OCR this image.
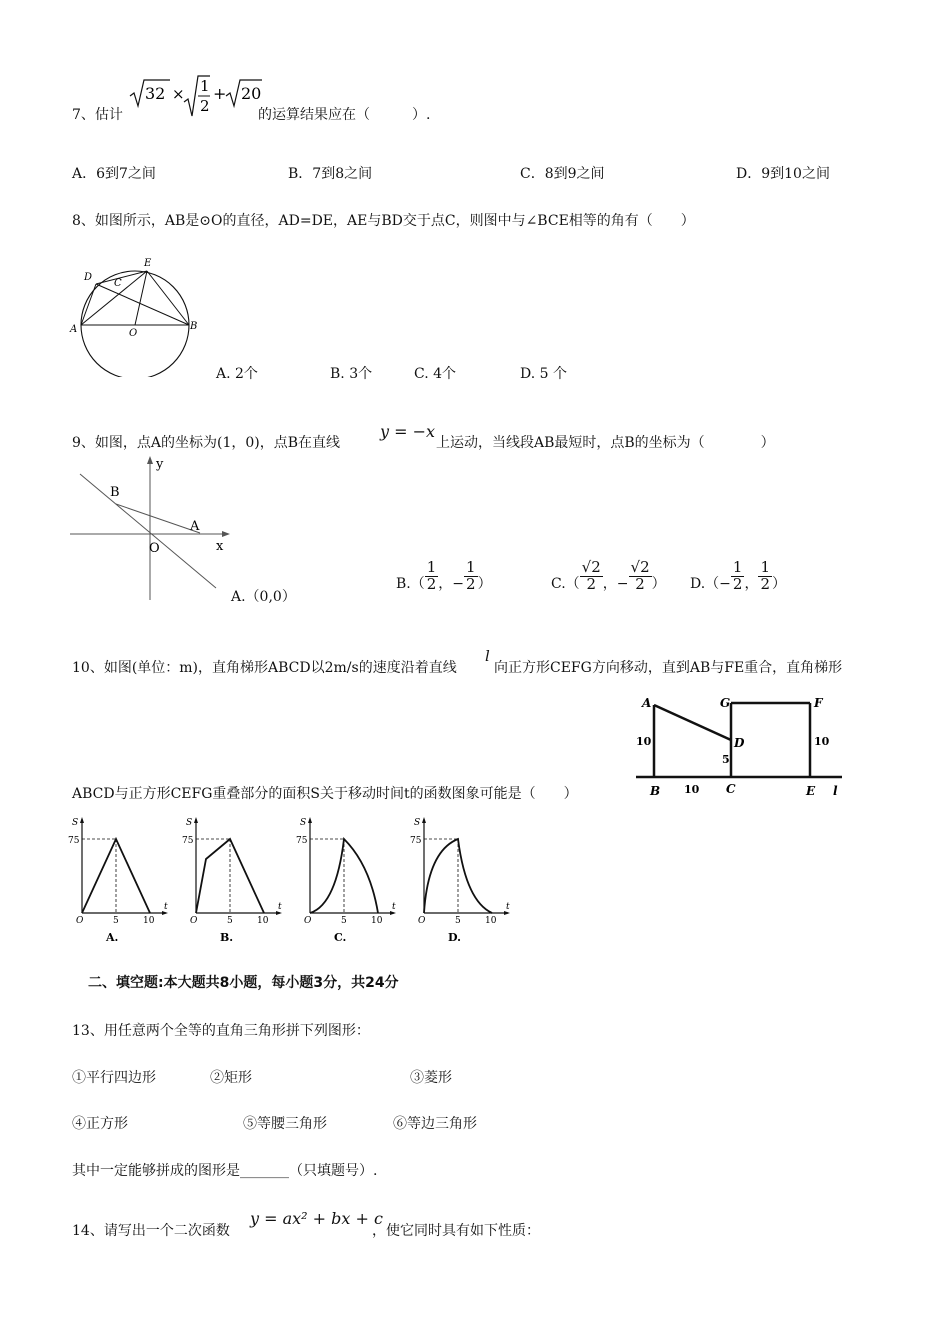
32 × 1
2
+ 20
7、估计	的运算结果应在（　　　）.
A．6到7之间	B．7到8之间	C．8到9之间	D．9到10之间
8、如图所示，AB是⊙O的直径，AD=DE，AE与BD交于点C，则图中与∠BCE相等的角有（　　）
D
E
C
A	B
O
A. 2个	B. 3个	C. 4个	D. 5 个
9、如图，点A的坐标为(1，0)，点B在直线
y = −x
上运动，当线段AB最短时，点B的坐标为（　　　　）
y
x
B
A
O
A.（0,0）
$B.( \frac{1}{2}$ ，− $\frac{1}{2}$ ）	$C.( \frac{√2}{2}$ ，− $\frac{√2}{2}$ ） $D.(- \frac{1}{2}$ ， $\frac{1}{2}$ ）
10、如图(单位：m)，直角梯形ABCD以2m/s的速度沿着直线
l
向正方形CEFG方向移动，直到AB与FE重合，直角梯形
A	G	F
D
B	C	E l
10
5
10
10
ABCD与正方形CEFG重叠部分的面积S关于移动时间t的函数图象可能是（　　）
S
75
O	5	10
t
A.
S
75
O	5	10
t
B.
S
75
O	5	10
t
C.
S
75
O	5	10
t
D.
二、填空题:本大题共8小题，每小题3分，共24分
13、用任意两个全等的直角三角形拼下列图形：
①平行四边形	②矩形	③菱形
④正方形	⑤等腰三角形	⑥等边三角形
其中一定能够拼成的图形是_______（只填题号）.
14、请写出一个二次函数
y = ax² + bx + c
，使它同时具有如下性质：
